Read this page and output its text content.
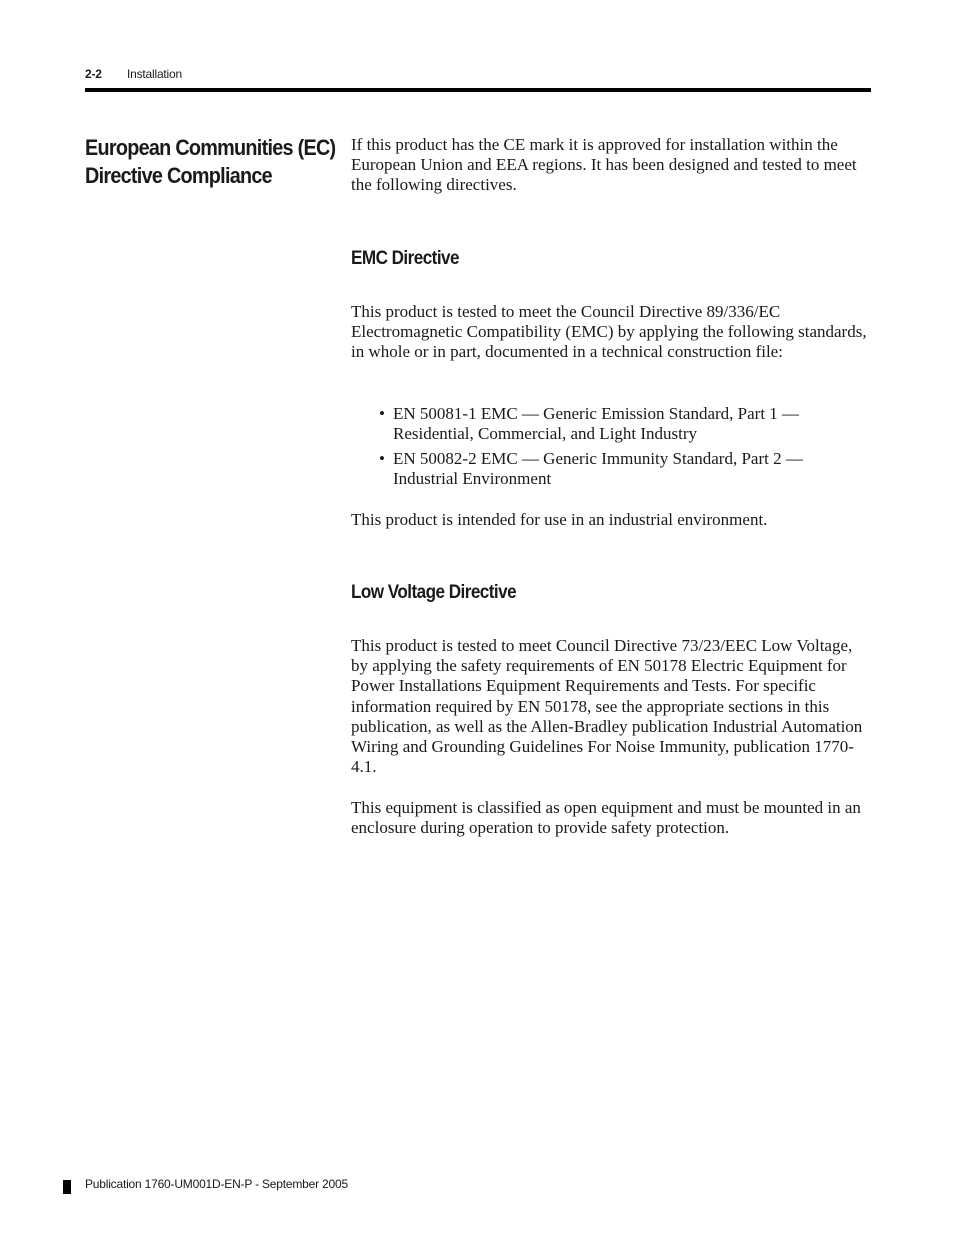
2-2 Installation
European Communities (EC)
Directive Compliance

If this product has the CE mark it is approved for installation within the European Union and EEA regions. It has been designed and tested to meet the following directives.

EMC Directive

This product is tested to meet the Council Directive 89/336/EC Electromagnetic Compatibility (EMC) by applying the following standards, in whole or in part, documented in a technical construction file:

• EN 50081-1 EMC — Generic Emission Standard, Part 1 — Residential, Commercial, and Light Industry
• EN 50082-2 EMC — Generic Immunity Standard, Part 2 — Industrial Environment

This product is intended for use in an industrial environment.

Low Voltage Directive

This product is tested to meet Council Directive 73/23/EEC Low Voltage, by applying the safety requirements of EN 50178 Electric Equipment for Power Installations Equipment Requirements and Tests. For specific information required by EN 50178, see the appropriate sections in this publication, as well as the Allen-Bradley publication Industrial Automation Wiring and Grounding Guidelines For Noise Immunity, publication 1770-4.1.

This equipment is classified as open equipment and must be mounted in an enclosure during operation to provide safety protection.

Publication 1760-UM001D-EN-P - September 2005
